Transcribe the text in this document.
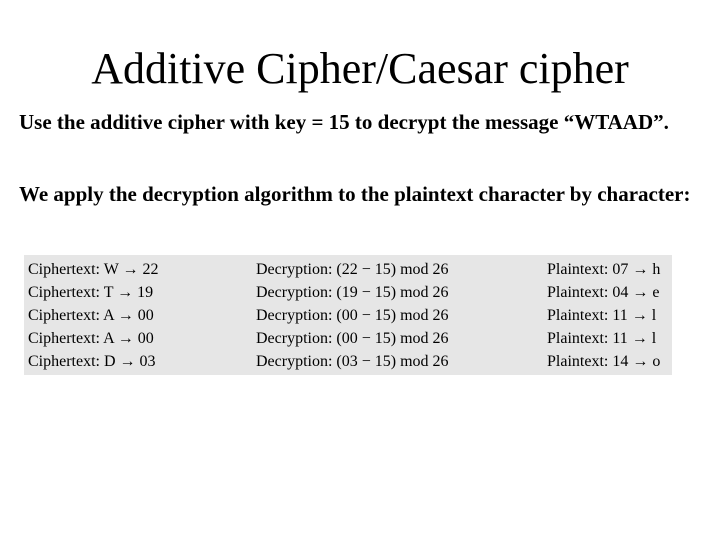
Additive Cipher/Caesar cipher

Use the additive cipher with key = 15 to decrypt the message “WTAAD”.

We apply the decryption algorithm to the plaintext character by character:

Ciphertext: W → 22	Decryption: (22 − 15) mod 26	Plaintext: 07 → h
Ciphertext: T → 19	Decryption: (19 − 15) mod 26	Plaintext: 04 → e
Ciphertext: A → 00	Decryption: (00 − 15) mod 26	Plaintext: 11 → l
Ciphertext: A → 00	Decryption: (00 − 15) mod 26	Plaintext: 11 → l
Ciphertext: D → 03	Decryption: (03 − 15) mod 26	Plaintext: 14 → o
